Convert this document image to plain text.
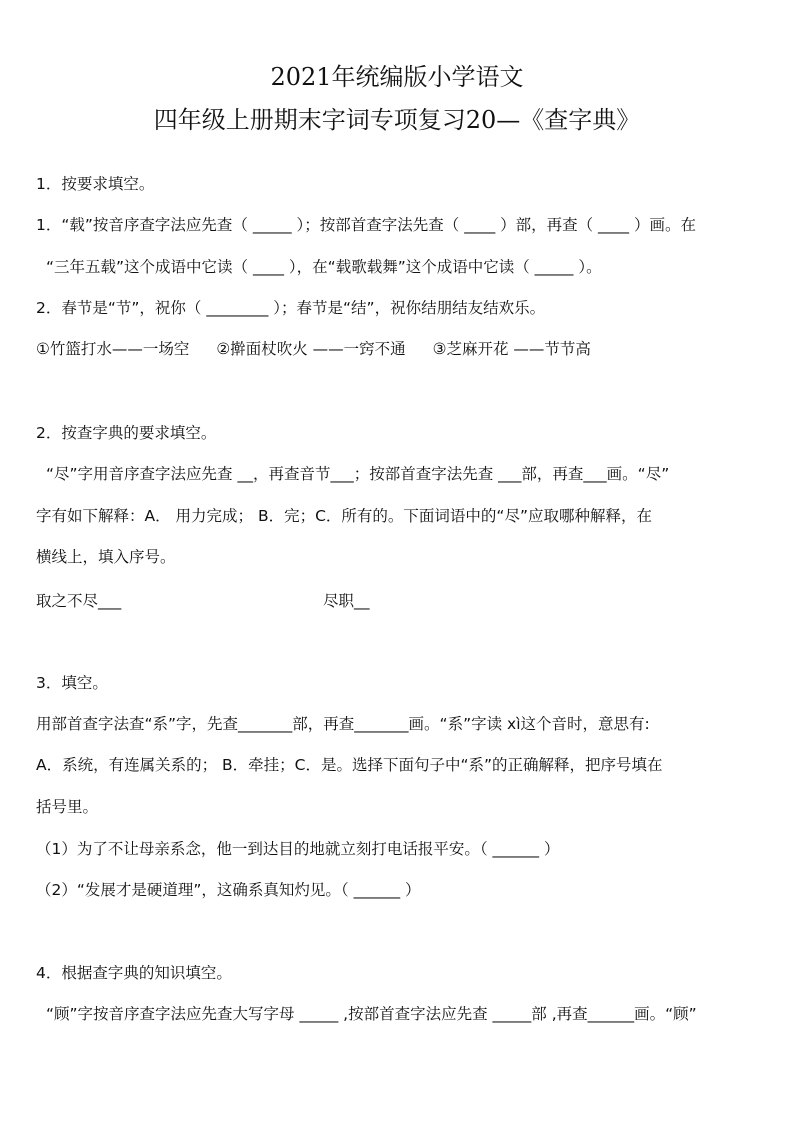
2021年统编版小学语文
四年级上册期末字词专项复习20—《查字典》
1．按要求填空。
1．“载”按音序查字法应先查（ _____ ）；按部首查字法先查（ ____ ）部，再查（ ____ ）画。在
“三年五载”这个成语中它读（ ____ ），在“载歌载舞”这个成语中它读（ _____ ）。
2．春节是“节”，祝你（ ________ ）；春节是“结”，祝你结朋结友结欢乐。
①竹篮打水——一场空 ②擀面杖吹火 ——一窍不通 ③芝麻开花 ——节节高
2．按查字典的要求填空。
“尽”字用音序查字法应先查 __，再查音节___；按部首查字法先查 ___部，再查___画。“尽”
字有如下解释：A． 用力完成； B．完；C．所有的。下面词语中的“尽”应取哪种解释，在
横线上，填入序号。
取之不尽___	尽职__
3．填空。
用部首查字法查“系”字，先查_______部，再查_______画。“系”字读 xì这个音时，意思有:
A．系统，有连属关系的； B．牵挂；C．是。选择下面句子中“系”的正确解释，把序号填在
括号里。
（1）为了不让母亲系念，他一到达目的地就立刻打电话报平安。（ ______ ）
（2）“发展才是硬道理”，这确系真知灼见。（ ______ ）
4．根据查字典的知识填空。
“顾”字按音序查字法应先查大写字母 _____ ,按部首查字法应先查 _____部 ,再查______画。“顾”
